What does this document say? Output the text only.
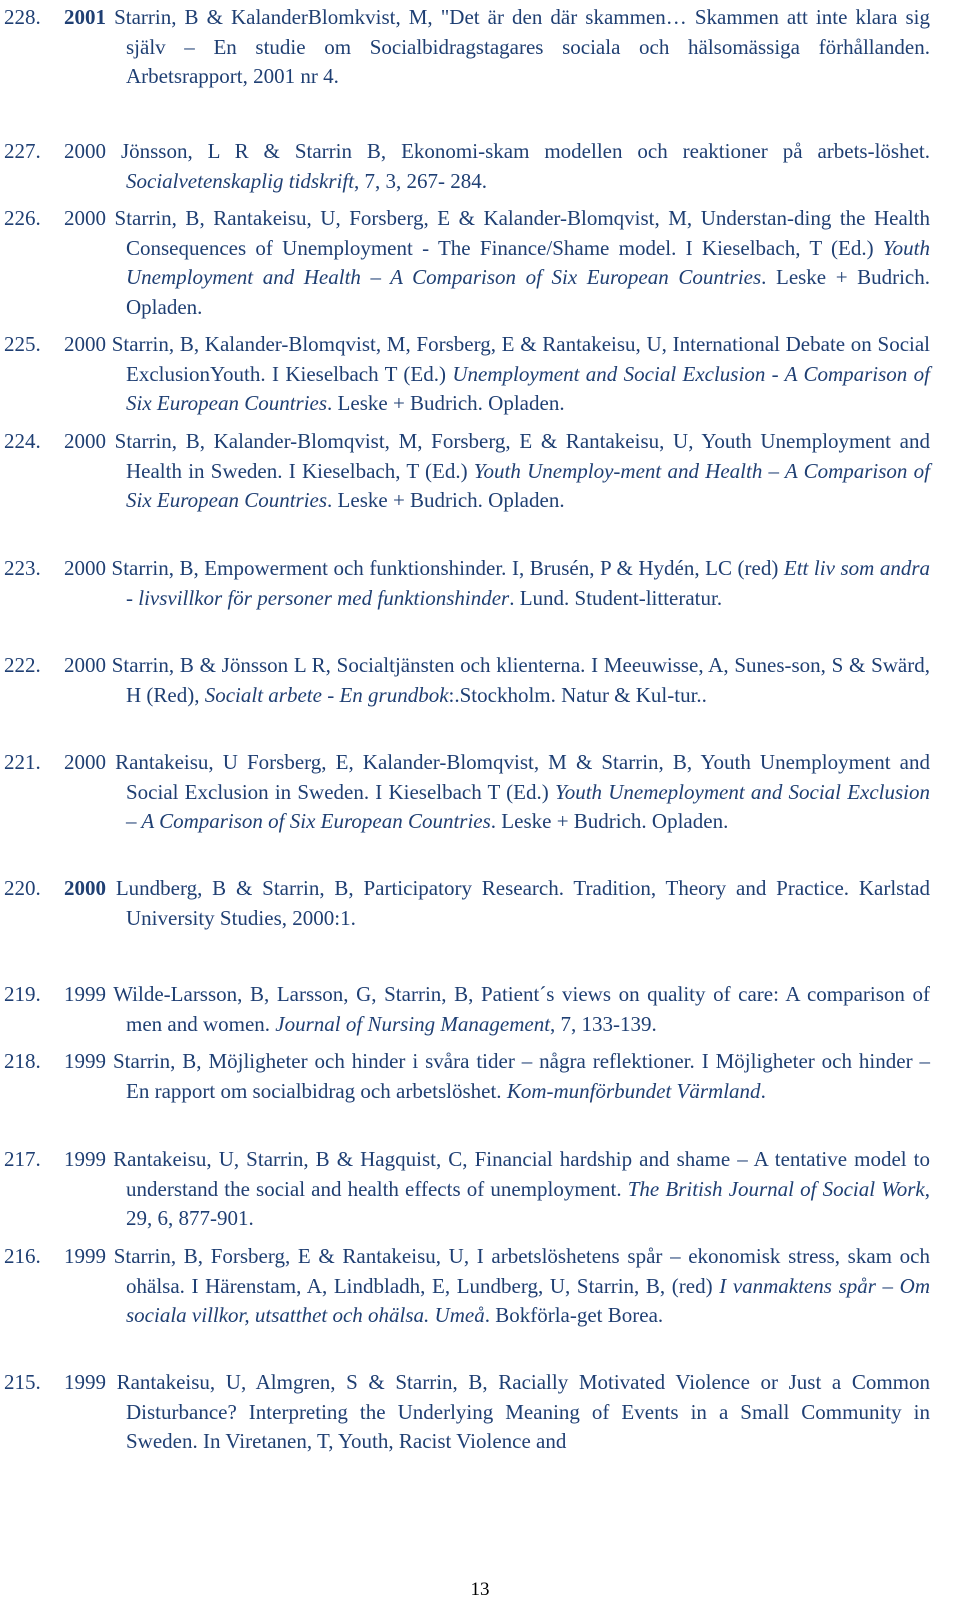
228. 2001 Starrin, B & KalanderBlomkvist, M, "Det är den där skammen… Skammen att inte klara sig själv – En studie om Socialbidragstagares sociala och hälsomässiga förhållanden. Arbetsrapport, 2001 nr 4.
227. 2000 Jönsson, L R & Starrin B, Ekonomi-skam modellen och reaktioner på arbets-löshet. Socialvetenskaplig tidskrift, 7, 3, 267- 284.
226. 2000 Starrin, B, Rantakeisu, U, Forsberg, E & Kalander-Blomqvist, M, Understan-ding the Health Consequences of Unemployment - The Finance/Shame model. I Kieselbach, T (Ed.) Youth Unemployment and Health – A Comparison of Six European Countries. Leske + Budrich. Opladen.
225. 2000 Starrin, B, Kalander-Blomqvist, M, Forsberg, E & Rantakeisu, U, International Debate on Social ExclusionYouth. I Kieselbach T (Ed.) Unemployment and Social Exclusion - A Comparison of Six European Countries. Leske + Budrich. Opladen.
224. 2000 Starrin, B, Kalander-Blomqvist, M, Forsberg, E & Rantakeisu, U, Youth Unemployment and Health in Sweden. I Kieselbach, T (Ed.) Youth Unemploy-ment and Health – A Comparison of Six European Countries. Leske + Budrich. Opladen.
223. 2000 Starrin, B, Empowerment och funktionshinder. I, Brusén, P & Hydén, LC (red) Ett liv som andra - livsvillkor för personer med funktionshinder. Lund. Student-litteratur.
222. 2000 Starrin, B & Jönsson L R, Socialtjänsten och klienterna. I Meeuwisse, A, Sunes-son, S & Swärd, H (Red), Socialt arbete - En grundbok:.Stockholm. Natur & Kul-tur..
221. 2000 Rantakeisu, U Forsberg, E, Kalander-Blomqvist, M & Starrin, B, Youth Unemployment and Social Exclusion in Sweden. I Kieselbach T (Ed.) Youth Unemeployment and Social Exclusion – A Comparison of Six European Countries. Leske + Budrich. Opladen.
220. 2000 Lundberg, B & Starrin, B, Participatory Research. Tradition, Theory and Practice. Karlstad University Studies, 2000:1.
219. 1999 Wilde-Larsson, B, Larsson, G, Starrin, B, Patient´s views on quality of care: A comparison of men and women. Journal of Nursing Management, 7, 133-139.
218. 1999 Starrin, B, Möjligheter och hinder i svåra tider – några reflektioner. I Möjligheter och hinder – En rapport om socialbidrag och arbetslöshet. Kom-munförbundet Värmland.
217. 1999 Rantakeisu, U, Starrin, B & Hagquist, C, Financial hardship and shame – A tentative model to understand the social and health effects of unemployment. The British Journal of Social Work, 29, 6, 877-901.
216. 1999 Starrin, B, Forsberg, E & Rantakeisu, U, I arbetslöshetens spår – ekonomisk stress, skam och ohälsa. I Härenstam, A, Lindbladh, E, Lundberg, U, Starrin, B, (red) I vanmaktens spår – Om sociala villkor, utsatthet och ohälsa. Umeå. Bokförla-get Borea.
215. 1999 Rantakeisu, U, Almgren, S & Starrin, B, Racially Motivated Violence or Just a Common Disturbance? Interpreting the Underlying Meaning of Events in a Small Community in Sweden. In Viretanen, T, Youth, Racist Violence and
13
